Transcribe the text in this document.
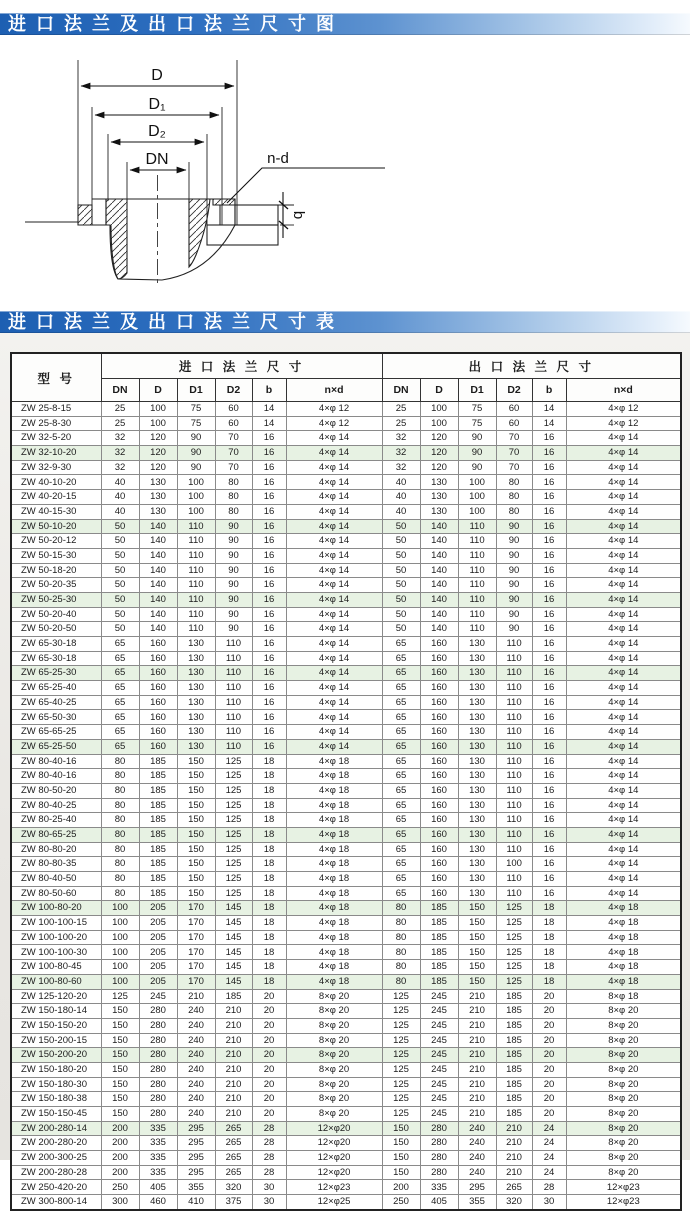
进口法兰及出口法兰尺寸图
D
D₁
D₂
DN	n-d
b
进口法兰及出口法兰尺寸表
型 号	进 口 法 兰 尺 寸						出 口 法 兰 尺 寸					
	DN	D	D1	D2	b	n×d	DN	D	D1	D2	b	n×d
ZW 25-8-15	25	100	75	60	14	4×φ 12	25	100	75	60	14	4×φ 12
ZW 25-8-30	25	100	75	60	14	4×φ 12	25	100	75	60	14	4×φ 12
ZW 32-5-20	32	120	90	70	16	4×φ 14	32	120	90	70	16	4×φ 14
ZW 32-10-20	32	120	90	70	16	4×φ 14	32	120	90	70	16	4×φ 14
ZW 32-9-30	32	120	90	70	16	4×φ 14	32	120	90	70	16	4×φ 14
ZW 40-10-20	40	130	100	80	16	4×φ 14	40	130	100	80	16	4×φ 14
ZW 40-20-15	40	130	100	80	16	4×φ 14	40	130	100	80	16	4×φ 14
ZW 40-15-30	40	130	100	80	16	4×φ 14	40	130	100	80	16	4×φ 14
ZW 50-10-20	50	140	110	90	16	4×φ 14	50	140	110	90	16	4×φ 14
ZW 50-20-12	50	140	110	90	16	4×φ 14	50	140	110	90	16	4×φ 14
ZW 50-15-30	50	140	110	90	16	4×φ 14	50	140	110	90	16	4×φ 14
ZW 50-18-20	50	140	110	90	16	4×φ 14	50	140	110	90	16	4×φ 14
ZW 50-20-35	50	140	110	90	16	4×φ 14	50	140	110	90	16	4×φ 14
ZW 50-25-30	50	140	110	90	16	4×φ 14	50	140	110	90	16	4×φ 14
ZW 50-20-40	50	140	110	90	16	4×φ 14	50	140	110	90	16	4×φ 14
ZW 50-20-50	50	140	110	90	16	4×φ 14	50	140	110	90	16	4×φ 14
ZW 65-30-18	65	160	130	110	16	4×φ 14	65	160	130	110	16	4×φ 14
ZW 65-30-18	65	160	130	110	16	4×φ 14	65	160	130	110	16	4×φ 14
ZW 65-25-30	65	160	130	110	16	4×φ 14	65	160	130	110	16	4×φ 14
ZW 65-25-40	65	160	130	110	16	4×φ 14	65	160	130	110	16	4×φ 14
ZW 65-40-25	65	160	130	110	16	4×φ 14	65	160	130	110	16	4×φ 14
ZW 65-50-30	65	160	130	110	16	4×φ 14	65	160	130	110	16	4×φ 14
ZW 65-65-25	65	160	130	110	16	4×φ 14	65	160	130	110	16	4×φ 14
ZW 65-25-50	65	160	130	110	16	4×φ 14	65	160	130	110	16	4×φ 14
ZW 80-40-16	80	185	150	125	18	4×φ 18	65	160	130	110	16	4×φ 14
ZW 80-40-16	80	185	150	125	18	4×φ 18	65	160	130	110	16	4×φ 14
ZW 80-50-20	80	185	150	125	18	4×φ 18	65	160	130	110	16	4×φ 14
ZW 80-40-25	80	185	150	125	18	4×φ 18	65	160	130	110	16	4×φ 14
ZW 80-25-40	80	185	150	125	18	4×φ 18	65	160	130	110	16	4×φ 14
ZW 80-65-25	80	185	150	125	18	4×φ 18	65	160	130	110	16	4×φ 14
ZW 80-80-20	80	185	150	125	18	4×φ 18	65	160	130	110	16	4×φ 14
ZW 80-80-35	80	185	150	125	18	4×φ 18	65	160	130	100	16	4×φ 14
ZW 80-40-50	80	185	150	125	18	4×φ 18	65	160	130	110	16	4×φ 14
ZW 80-50-60	80	185	150	125	18	4×φ 18	65	160	130	110	16	4×φ 14
ZW 100-80-20	100	205	170	145	18	4×φ 18	80	185	150	125	18	4×φ 18
ZW 100-100-15	100	205	170	145	18	4×φ 18	80	185	150	125	18	4×φ 18
ZW 100-100-20	100	205	170	145	18	4×φ 18	80	185	150	125	18	4×φ 18
ZW 100-100-30	100	205	170	145	18	4×φ 18	80	185	150	125	18	4×φ 18
ZW 100-80-45	100	205	170	145	18	4×φ 18	80	185	150	125	18	4×φ 18
ZW 100-80-60	100	205	170	145	18	4×φ 18	80	185	150	125	18	4×φ 18
ZW 125-120-20	125	245	210	185	20	8×φ 20	125	245	210	185	20	8×φ 18
ZW 150-180-14	150	280	240	210	20	8×φ 20	125	245	210	185	20	8×φ 20
ZW 150-150-20	150	280	240	210	20	8×φ 20	125	245	210	185	20	8×φ 20
ZW 150-200-15	150	280	240	210	20	8×φ 20	125	245	210	185	20	8×φ 20
ZW 150-200-20	150	280	240	210	20	8×φ 20	125	245	210	185	20	8×φ 20
ZW 150-180-20	150	280	240	210	20	8×φ 20	125	245	210	185	20	8×φ 20
ZW 150-180-30	150	280	240	210	20	8×φ 20	125	245	210	185	20	8×φ 20
ZW 150-180-38	150	280	240	210	20	8×φ 20	125	245	210	185	20	8×φ 20
ZW 150-150-45	150	280	240	210	20	8×φ 20	125	245	210	185	20	8×φ 20
ZW 200-280-14	200	335	295	265	28	12×φ20	150	280	240	210	24	8×φ 20
ZW 200-280-20	200	335	295	265	28	12×φ20	150	280	240	210	24	8×φ 20
ZW 200-300-25	200	335	295	265	28	12×φ20	150	280	240	210	24	8×φ 20
ZW 200-280-28	200	335	295	265	28	12×φ20	150	280	240	210	24	8×φ 20
ZW 250-420-20	250	405	355	320	30	12×φ23	200	335	295	265	28	12×φ23
ZW 300-800-14	300	460	410	375	30	12×φ25	250	405	355	320	30	12×φ23
